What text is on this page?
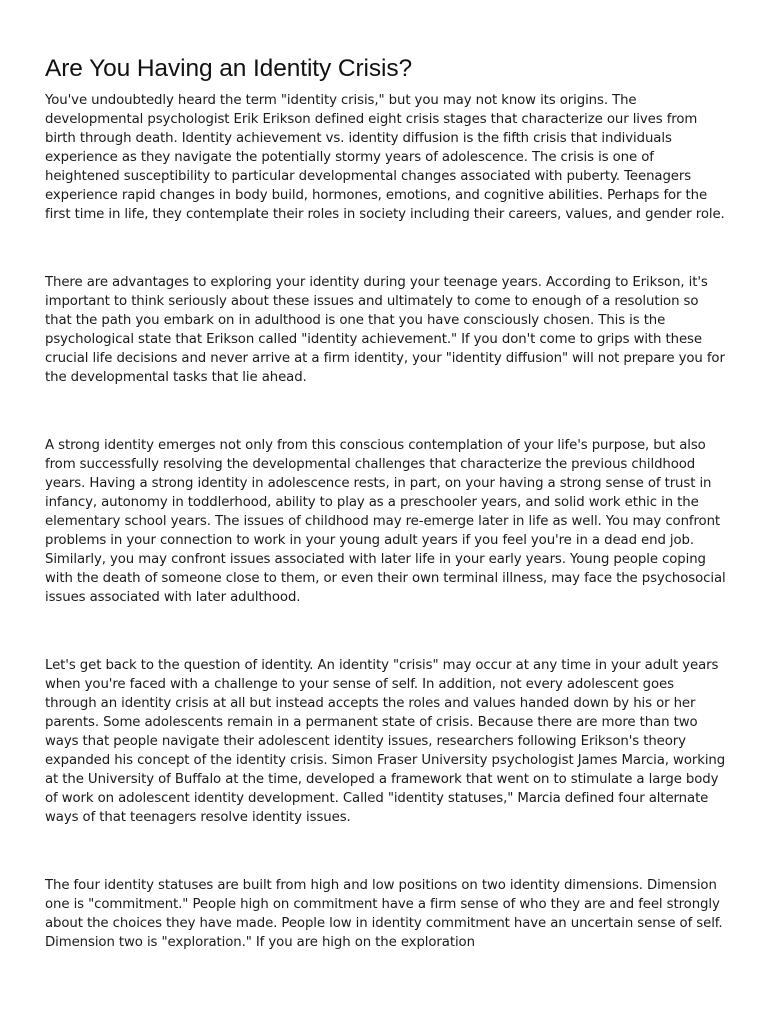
Are You Having an Identity Crisis?

You've undoubtedly heard the term "identity crisis," but you may not know its origins. The developmental psychologist Erik Erikson defined eight crisis stages that characterize our lives from birth through death. Identity achievement vs. identity diffusion is the fifth crisis that individuals experience as they navigate the potentially stormy years of adolescence. The crisis is one of heightened susceptibility to particular developmental changes associated with puberty. Teenagers experience rapid changes in body build, hormones, emotions, and cognitive abilities. Perhaps for the first time in life, they contemplate their roles in society including their careers, values, and gender role.

There are advantages to exploring your identity during your teenage years. According to Erikson, it's important to think seriously about these issues and ultimately to come to enough of a resolution so that the path you embark on in adulthood is one that you have consciously chosen. This is the psychological state that Erikson called "identity achievement." If you don't come to grips with these crucial life decisions and never arrive at a firm identity, your "identity diffusion" will not prepare you for the developmental tasks that lie ahead.

A strong identity emerges not only from this conscious contemplation of your life's purpose, but also from successfully resolving the developmental challenges that characterize the previous childhood years. Having a strong identity in adolescence rests, in part, on your having a strong sense of trust in infancy, autonomy in toddlerhood, ability to play as a preschooler years, and solid work ethic in the elementary school years. The issues of childhood may re-emerge later in life as well. You may confront problems in your connection to work in your young adult years if you feel you're in a dead end job. Similarly, you may confront issues associated with later life in your early years. Young people coping with the death of someone close to them, or even their own terminal illness, may face the psychosocial issues associated with later adulthood.

Let's get back to the question of identity. An identity "crisis" may occur at any time in your adult years when you're faced with a challenge to your sense of self. In addition, not every adolescent goes through an identity crisis at all but instead accepts the roles and values handed down by his or her parents. Some adolescents remain in a permanent state of crisis. Because there are more than two ways that people navigate their adolescent identity issues, researchers following Erikson's theory expanded his concept of the identity crisis. Simon Fraser University psychologist James Marcia, working at the University of Buffalo at the time, developed a framework that went on to stimulate a large body of work on adolescent identity development. Called "identity statuses," Marcia defined four alternate ways of that teenagers resolve identity issues.

The four identity statuses are built from high and low positions on two identity dimensions. Dimension one is "commitment." People high on commitment have a firm sense of who they are and feel strongly about the choices they have made. People low in identity commitment have an uncertain sense of self. Dimension two is "exploration." If you are high on the exploration
